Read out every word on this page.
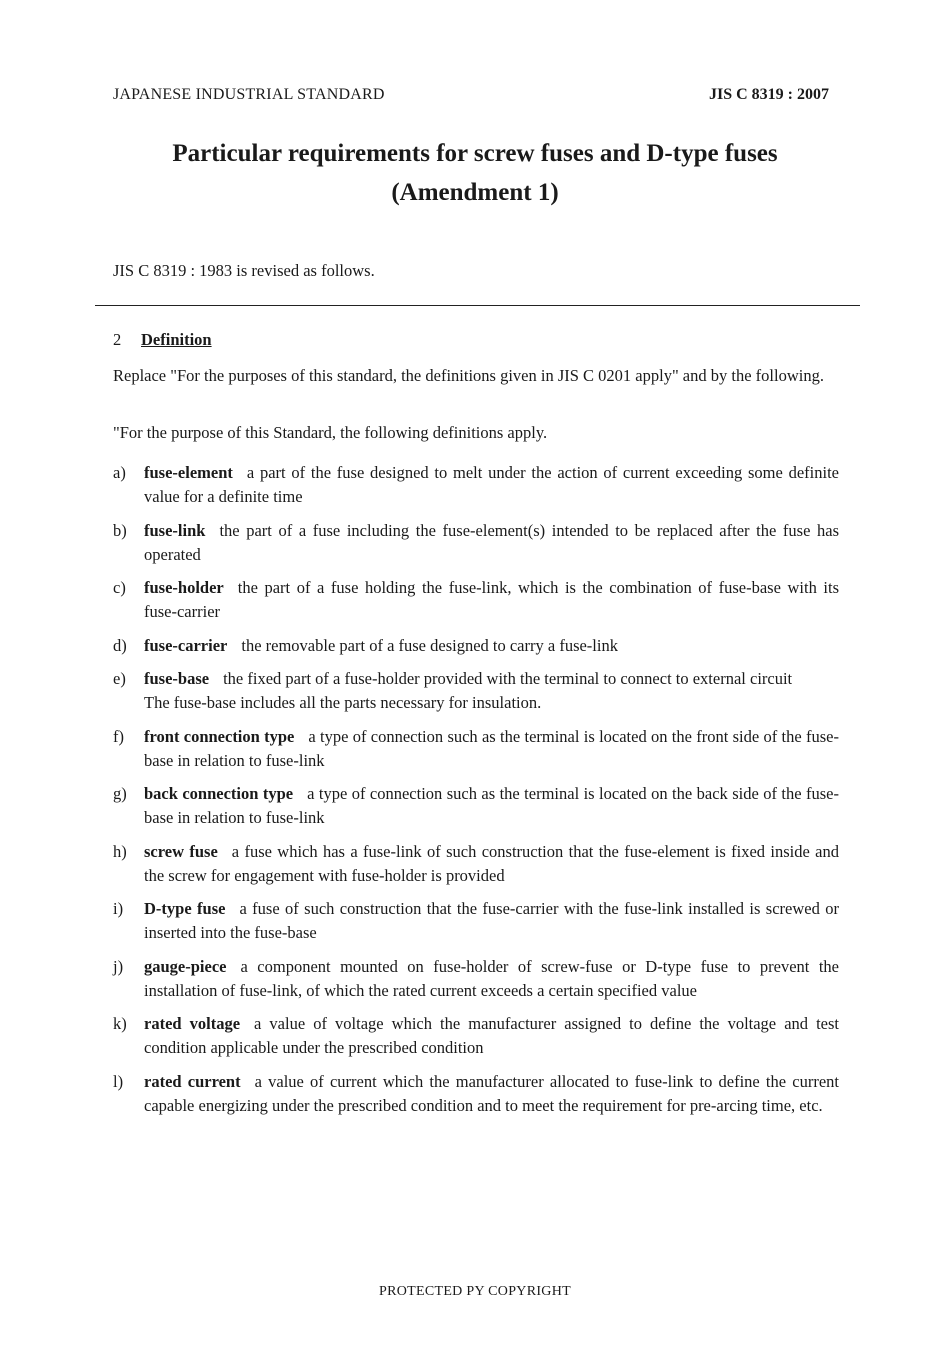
JAPANESE INDUSTRIAL STANDARD	JIS C 8319 : 2007
Particular requirements for screw fuses and D-type fuses
(Amendment 1)
JIS C 8319 : 1983 is revised as follows.
2 Definition
Replace "For the purposes of this standard, the definitions given in JIS C 0201 apply" and by the following.
"For the purpose of this Standard, the following definitions apply.
a)	fuse-element a part of the fuse designed to melt under the action of current exceeding some definite value for a definite time
b)	fuse-link the part of a fuse including the fuse-element(s) intended to be replaced after the fuse has operated
c)	fuse-holder the part of a fuse holding the fuse-link, which is the combination of fuse-base with its fuse-carrier
d)	fuse-carrier the removable part of a fuse designed to carry a fuse-link
e)	fuse-base the fixed part of a fuse-holder provided with the terminal to connect to external circuit
The fuse-base includes all the parts necessary for insulation.
f)	front connection type a type of connection such as the terminal is located on the front side of the fuse-base in relation to fuse-link
g)	back connection type a type of connection such as the terminal is located on the back side of the fuse-base in relation to fuse-link
h)	screw fuse a fuse which has a fuse-link of such construction that the fuse-element is fixed inside and the screw for engagement with fuse-holder is provided
i)	D-type fuse a fuse of such construction that the fuse-carrier with the fuse-link installed is screwed or inserted into the fuse-base
j)	gauge-piece a component mounted on fuse-holder of screw-fuse or D-type fuse to prevent the installation of fuse-link, of which the rated current exceeds a certain specified value
k)	rated voltage a value of voltage which the manufacturer assigned to define the voltage and test condition applicable under the prescribed condition
l)	rated current a value of current which the manufacturer allocated to fuse-link to define the current capable energizing under the prescribed condition and to meet the requirement for pre-arcing time, etc.
PROTECTED PY COPYRIGHT
